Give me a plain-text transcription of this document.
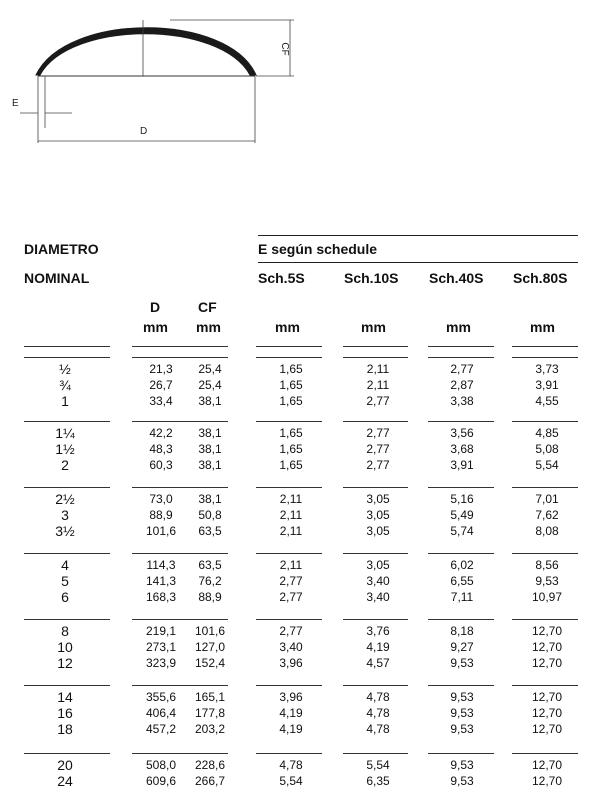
CF
E
D
DIAMETRO
NOMINAL
E según schedule
Sch.5S	Sch.10S Sch.40S Sch.80S
D	CF
mm mm	mm	mm	mm	mm
½	21,3	25,4	1,65	2,11	2,77	3,73
¾	26,7	25,4	1,65	2,11	2,87	3,91
1	33,4	38,1	1,65	2,77	3,38	4,55
1¼	42,2	38,1	1,65	2,77	3,56	4,85
1½	48,3	38,1	1,65	2,77	3,68	5,08
2	60,3	38,1	1,65	2,77	3,91	5,54
2½	73,0	38,1	2,11	3,05	5,16	7,01
3	88,9	50,8	2,11	3,05	5,49	7,62
3½	101,6	63,5	2,11	3,05	5,74	8,08
4	114,3	63,5	2,11	3,05	6,02	8,56
5	141,3	76,2	2,77	3,40	6,55	9,53
6	168,3	88,9	2,77	3,40	7,11	10,97
8	219,1	101,6	2,77	3,76	8,18	12,70
10	273,1	127,0	3,40	4,19	9,27	12,70
12	323,9	152,4	3,96	4,57	9,53	12,70
14	355,6	165,1	3,96	4,78	9,53	12,70
16	406,4	177,8	4,19	4,78	9,53	12,70
18	457,2	203,2	4,19	4,78	9,53	12,70
20	508,0	228,6	4,78	5,54	9,53	12,70
24	609,6	266,7	5,54	6,35	9,53	12,70
